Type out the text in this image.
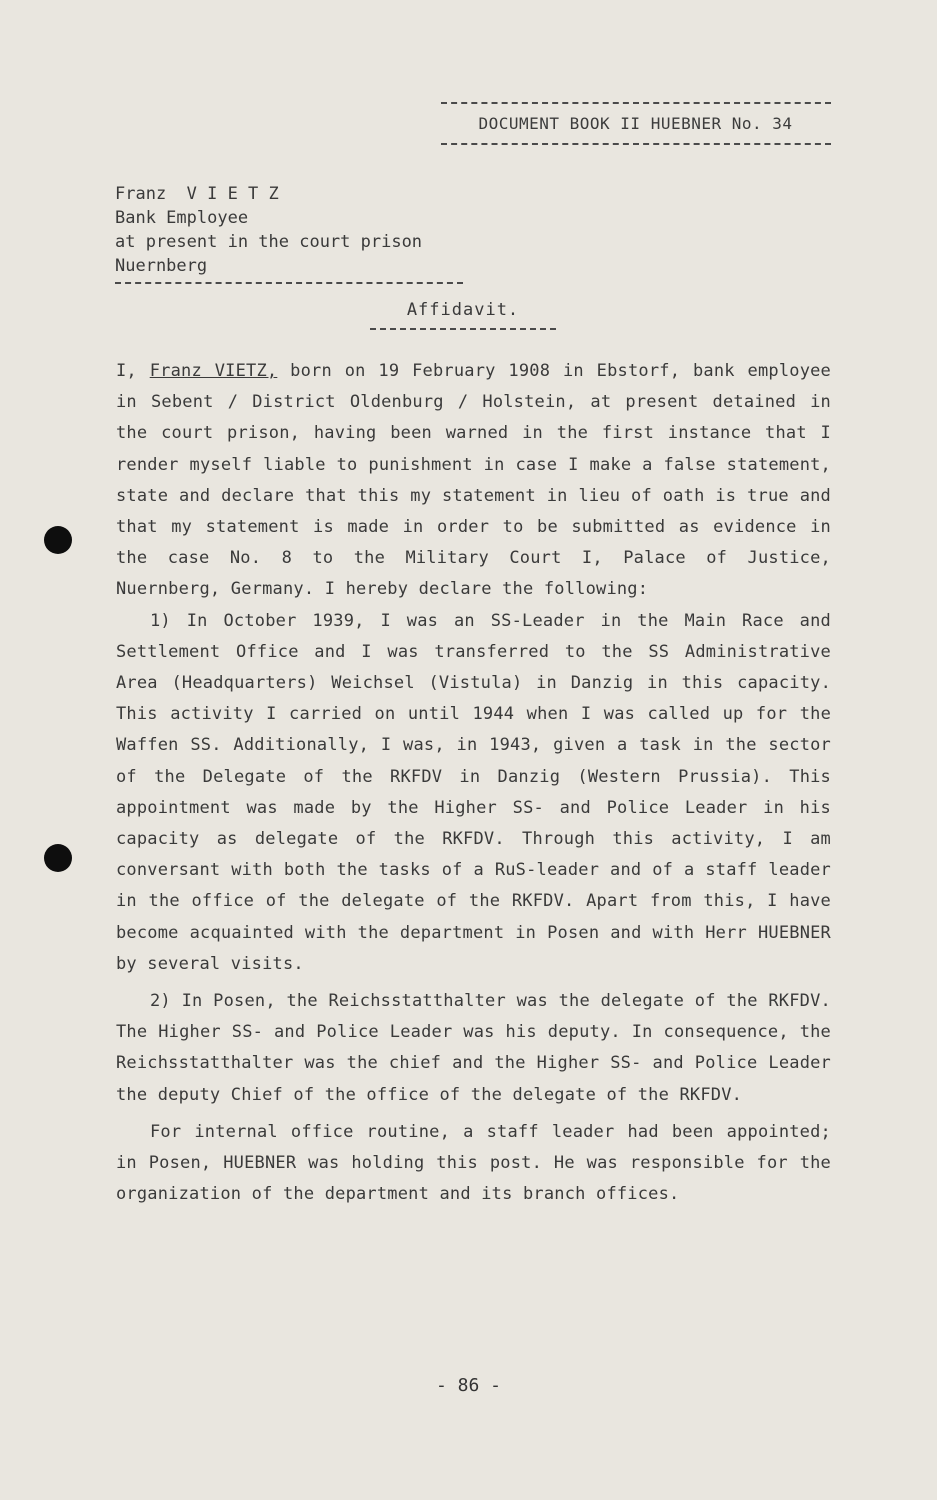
DOCUMENT BOOK II HUEBNER No. 34
Franz  V I E T Z
Bank Employee
at present in the court prison
Nuernberg
Affidavit.

I, Franz VIETZ, born on 19 February 1908 in Ebstorf, bank employee in Sebent / District Oldenburg / Holstein, at present detained in the court prison, having been warned in the first instance that I render myself liable to punishment in case I make a false statement, state and declare that this my statement in lieu of oath is true and that my statement is made in order to be submitted as evidence in the case No. 8 to the Military Court I, Palace of Justice, Nuernberg, Germany. I hereby declare the following:

1) In October 1939, I was an SS-Leader in the Main Race and Settlement Office and I was transferred to the SS Administrative Area (Headquarters) Weichsel (Vistula) in Danzig in this capacity. This activity I carried on until 1944 when I was called up for the Waffen SS. Additionally, I was, in 1943, given a task in the sector of the Delegate of the RKFDV in Danzig (Western Prussia). This appointment was made by the Higher SS- and Police Leader in his capacity as delegate of the RKFDV. Through this activity, I am conversant with both the tasks of a RuS-leader and of a staff leader in the office of the delegate of the RKFDV. Apart from this, I have become acquainted with the department in Posen and with Herr HUEBNER by several visits.

2) In Posen, the Reichsstatthalter was the delegate of the RKFDV. The Higher SS- and Police Leader was his deputy. In consequence, the Reichsstatthalter was the chief and the Higher SS- and Police Leader the deputy Chief of the office of the delegate of the RKFDV.

For internal office routine, a staff leader had been appointed; in Posen, HUEBNER was holding this post. He was responsible for the organization of the department and its branch offices.

- 86 -
